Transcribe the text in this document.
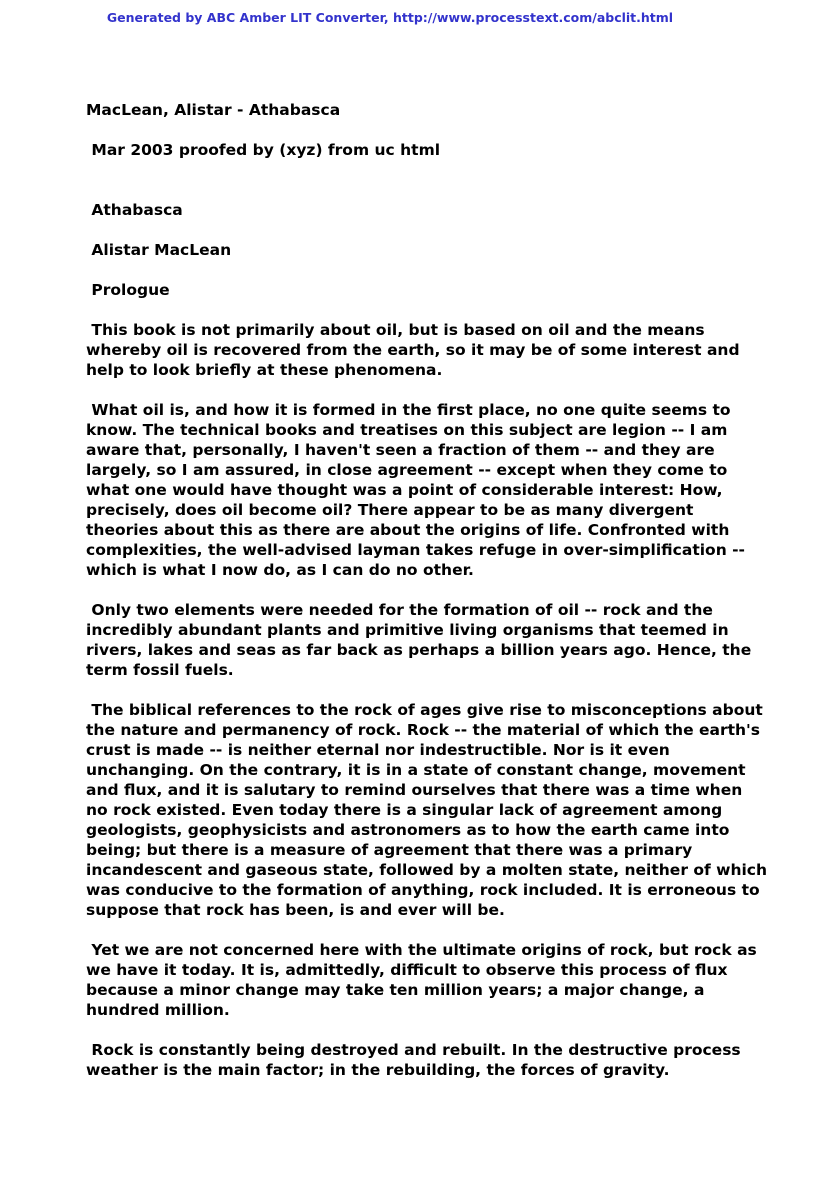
Generated by ABC Amber LIT Converter, http://www.processtext.com/abclit.html
MacLean, Alistar - Athabasca
Mar 2003 proofed by (xyz) from uc html
Athabasca
Alistar MacLean
Prologue
This book is not primarily about oil, but is based on oil and the means
whereby oil is recovered from the earth, so it may be of some interest and
help to look briefly at these phenomena.
What oil is, and how it is formed in the first place, no one quite seems to
know. The technical books and treatises on this subject are legion -- I am
aware that, personally, I haven't seen a fraction of them -- and they are
largely, so I am assured, in close agreement -- except when they come to
what one would have thought was a point of considerable interest: How,
precisely, does oil become oil? There appear to be as many divergent
theories about this as there are about the origins of life. Confronted with
complexities, the well-advised layman takes refuge in over-simplification --
which is what I now do, as I can do no other.
Only two elements were needed for the formation of oil -- rock and the
incredibly abundant plants and primitive living organisms that teemed in
rivers, lakes and seas as far back as perhaps a billion years ago. Hence, the
term fossil fuels.
The biblical references to the rock of ages give rise to misconceptions about
the nature and permanency of rock. Rock -- the material of which the earth's
crust is made -- is neither eternal nor indestructible. Nor is it even
unchanging. On the contrary, it is in a state of constant change, movement
and flux, and it is salutary to remind ourselves that there was a time when
no rock existed. Even today there is a singular lack of agreement among
geologists, geophysicists and astronomers as to how the earth came into
being; but there is a measure of agreement that there was a primary
incandescent and gaseous state, followed by a molten state, neither of which
was conducive to the formation of anything, rock included. It is erroneous to
suppose that rock has been, is and ever will be.
Yet we are not concerned here with the ultimate origins of rock, but rock as
we have it today. It is, admittedly, difficult to observe this process of flux
because a minor change may take ten million years; a major change, a
hundred million.
Rock is constantly being destroyed and rebuilt. In the destructive process
weather is the main factor; in the rebuilding, the forces of gravity.
